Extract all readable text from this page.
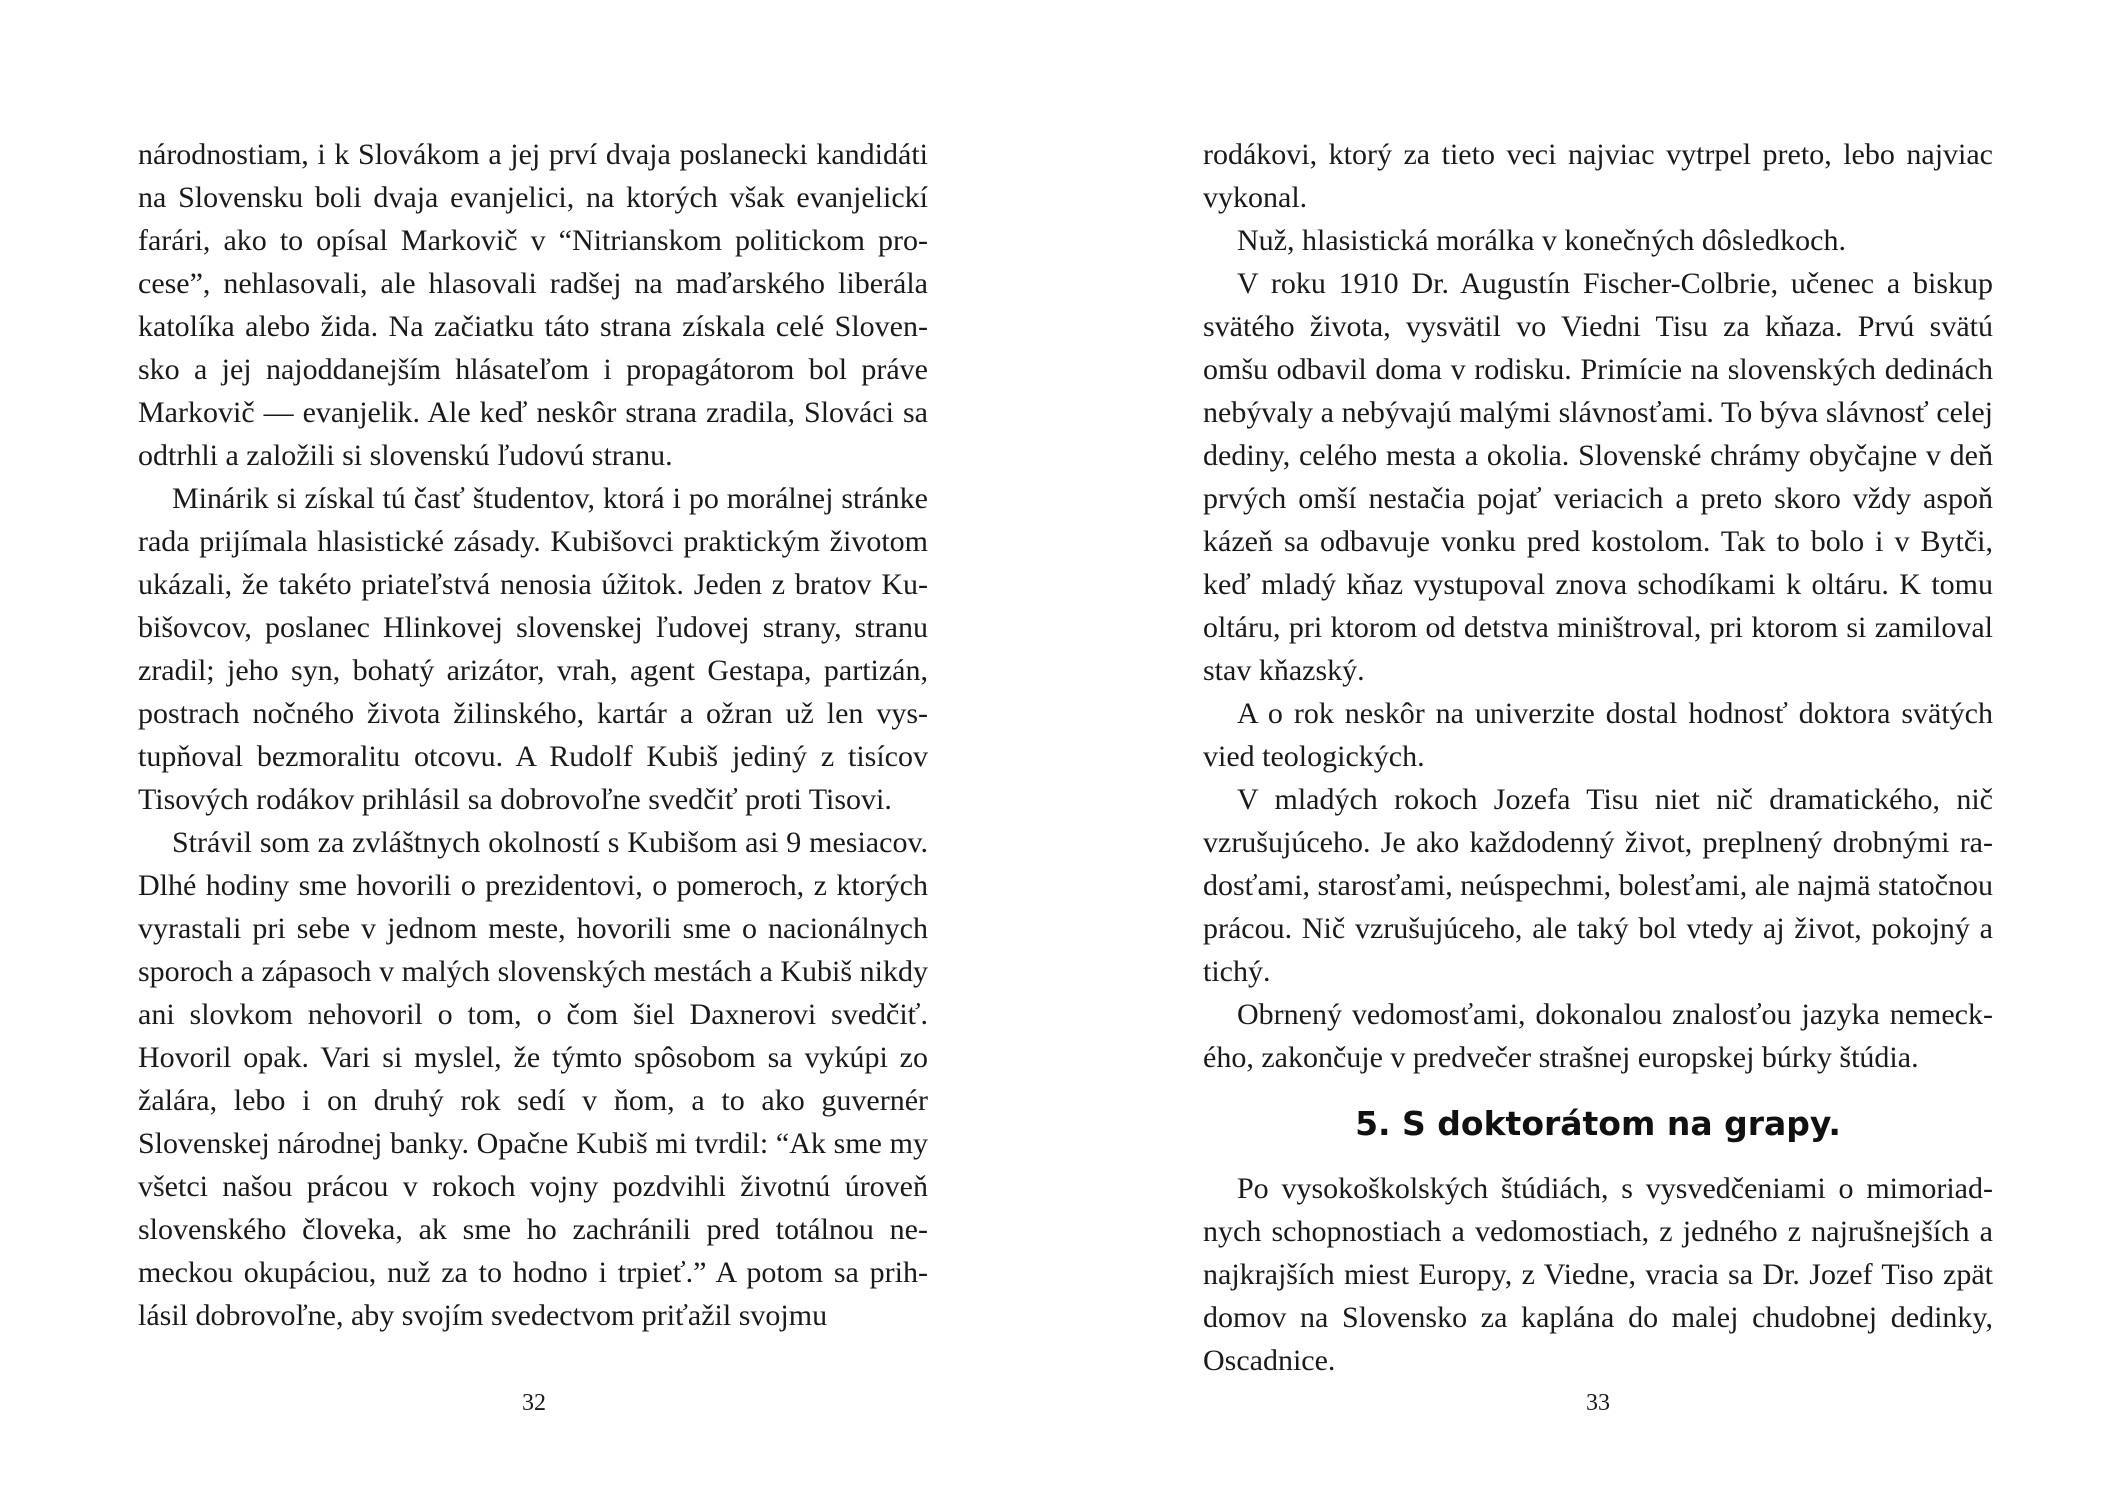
národnostiam, i k Slovákom a jej prví dvaja poslanecki kandidáti na Slovensku boli dvaja evanjelici, na ktorých však evanjelickí farári, ako to opísal Markovič v “Nitrianskom politickom procese”, nehlasovali, ale hlasovali radšej na maďarského liberála katolíka alebo žida. Na začiatku táto strana získala celé Slovensko a jej najoddanejším hlásateľom i propagátorom bol práve Markovič — evanjelik. Ale keď neskôr strana zradila, Slováci sa odtrhli a založili si slovenskú ľudovú stranu.

Minárik si získal tú časť študentov, ktorá i po morálnej stránke rada prijímala hlasistické zásady. Kubišovci praktickým životom ukázali, že takéto priateľstvá nenosia úžitok. Jeden z bratov Kubišovcov, poslanec Hlinkovej slovenskej ľudovej strany, stranu zradil; jeho syn, bohatý arizátor, vrah, agent Gestapa, partizán, postrach nočného života žilinského, kartár a ožran už len vystupňoval bezmoralitu otcovu. A Rudolf Kubiš jediný z tisícov Tisových rodákov prihlásil sa dobrovoľne svedčiť proti Tisovi.

Strávil som za zvláštnych okolností s Kubišom asi 9 mesiacov. Dlhé hodiny sme hovorili o prezidentovi, o pomeroch, z ktorých vyrastali pri sebe v jednom meste, hovorili sme o nacionálnych sporoch a zápasoch v malých slovenských mestách a Kubiš nikdy ani slovkom nehovoril o tom, o čom šiel Daxnerovi svedčiť. Hovoril opak. Vari si myslel, že týmto spôsobom sa vykúpi zo žalára, lebo i on druhý rok sedí v ňom, a to ako guvernér Slovenskej národnej banky. Opačne Kubiš mi tvrdil: “Ak sme my všetci našou prácou v rokoch vojny pozdvihli životnú úroveň slovenského človeka, ak sme ho zachránili pred totálnou nemeckou okupáciou, nuž za to hodno i trpieť.” A potom sa prihlásil dobrovoľne, aby svojím svedectvom priťažil svojmu

32

rodákovi, ktorý za tieto veci najviac vytrpel preto, lebo najviac vykonal.

Nuž, hlasistická morálka v konečných dôsledkoch.

V roku 1910 Dr. Augustín Fischer-Colbrie, učenec a biskup svätého života, vysvätil vo Viedni Tisu za kňaza. Prvú svätú omšu odbavil doma v rodisku. Primície na slovenských dedinách nebývaly a nebývajú malými slávnosťami. To býva slávnosť celej dediny, celého mesta a okolia. Slovenské chrámy obyčajne v deň prvých omší nestačia pojať veriacich a preto skoro vždy aspoň kázeň sa odbavuje vonku pred kostolom. Tak to bolo i v Bytči, keď mladý kňaz vystupoval znova schodíkami k oltáru. K tomu oltáru, pri ktorom od detstva miništroval, pri ktorom si zamiloval stav kňazský.

A o rok neskôr na univerzite dostal hodnosť doktora svätých vied teologických.

V mladých rokoch Jozefa Tisu niet nič dramatického, nič vzrušujúceho. Je ako každodenný život, preplnený drobnými radosťami, starosťami, neúspechmi, bolesťami, ale najmä statočnou prácou. Nič vzrušujúceho, ale taký bol vtedy aj život, pokojný a tichý.

Obrnený vedomosťami, dokonalou znalosťou jazyka nemeckého, zakončuje v predvečer strašnej europskej búrky štúdia.

5. S doktorátom na grapy.

Po vysokoškolských štúdiách, s vysvedčeniami o mimoriadnych schopnostiach a vedomostiach, z jedného z najrušnejších a najkrajších miest Europy, z Viedne, vracia sa Dr. Jozef Tiso zpät domov na Slovensko za kaplána do malej chudobnej dedinky, Oscadnice.

33
